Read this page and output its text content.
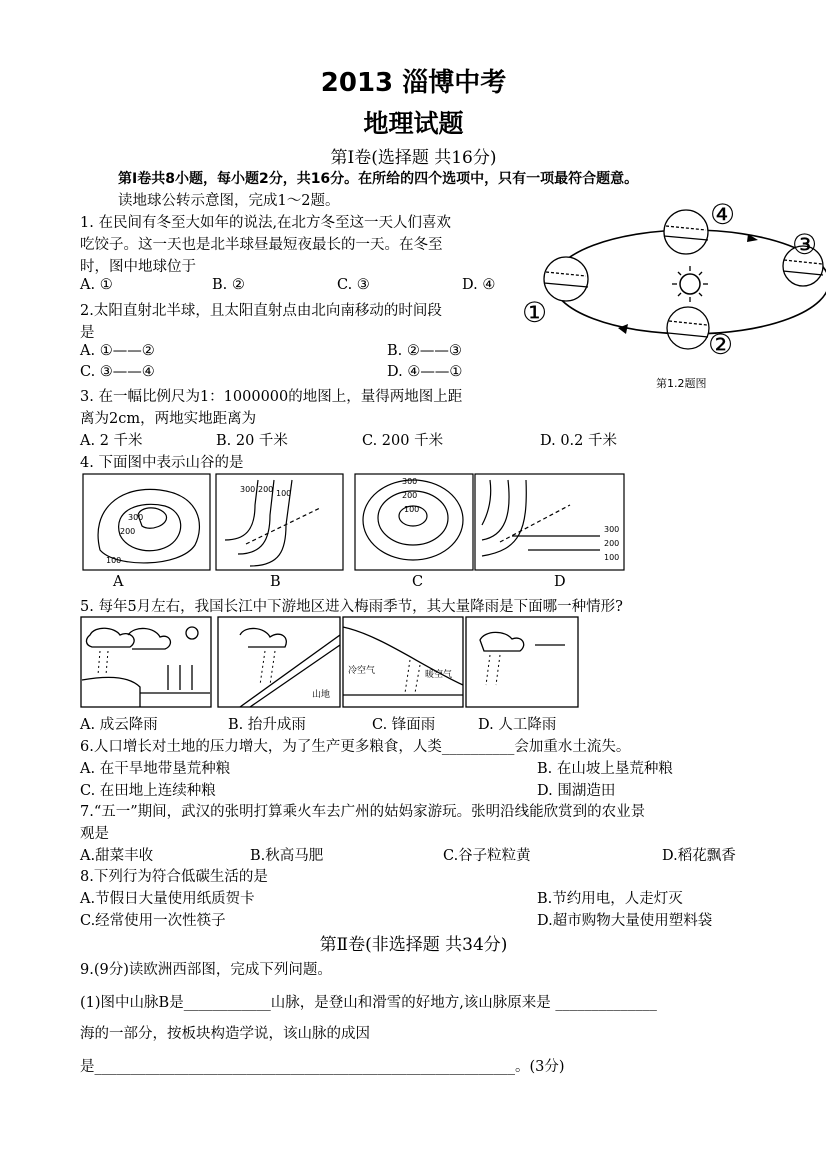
2013 淄博中考
地理试题
第Ⅰ卷(选择题 共16分)
第Ⅰ卷共8小题，每小题2分，共16分。在所给的四个选项中，只有一项最符合题意。
读地球公转示意图，完成1～2题。
1. 在民间有冬至大如年的说法,在北方冬至这一天人们喜欢
吃饺子。这一天也是北半球昼最短夜最长的一天。在冬至
时，图中地球位于
A. ①	B. ②	C. ③	D. ④
2.太阳直射北半球，且太阳直射点由北向南移动的时间段
是
A. ①——②	B. ②——③
C. ③——④	D. ④——①
①
②
③
④
第1.2题图
3. 在一幅比例尺为1：1000000的地图上，量得两地图上距
离为2cm，两地实地距离为
A. 2 千米	B. 20 千米	C. 200 千米	D. 0.2 千米
4. 下面图中表示山谷的是
300
200
100
300 200 100
300
200
100
300
200
100
A	B	C	D
5. 每年5月左右，我国长江中下游地区进入梅雨季节，其大量降雨是下面哪一种情形?
冷空气	暖空气
山地
A. 成云降雨	B. 抬升成雨	C. 锋面雨	D. 人工降雨
6.人口增长对土地的压力增大，为了生产更多粮食，人类__________会加重水土流失。
A. 在干旱地带垦荒种粮	B. 在山坡上垦荒种粮
C. 在田地上连续种粮	D. 围湖造田
7.“五一”期间，武汉的张明打算乘火车去广州的姑妈家游玩。张明沿线能欣赏到的农业景
观是
A.甜菜丰收	B.秋高马肥	C.谷子粒粒黄	D.稻花飘香
8.下列行为符合低碳生活的是
A.节假日大量使用纸质贺卡	B.节约用电，人走灯灭
C.经常使用一次性筷子	D.超市购物大量使用塑料袋
第Ⅱ卷(非选择题 共34分)
9.(9分)读欧洲西部图，完成下列问题。
(1)图中山脉B是____________山脉，是登山和滑雪的好地方,该山脉原来是 ______________
海的一部分，按板块构造学说，该山脉的成因
是__________________________________________________________。(3分)
